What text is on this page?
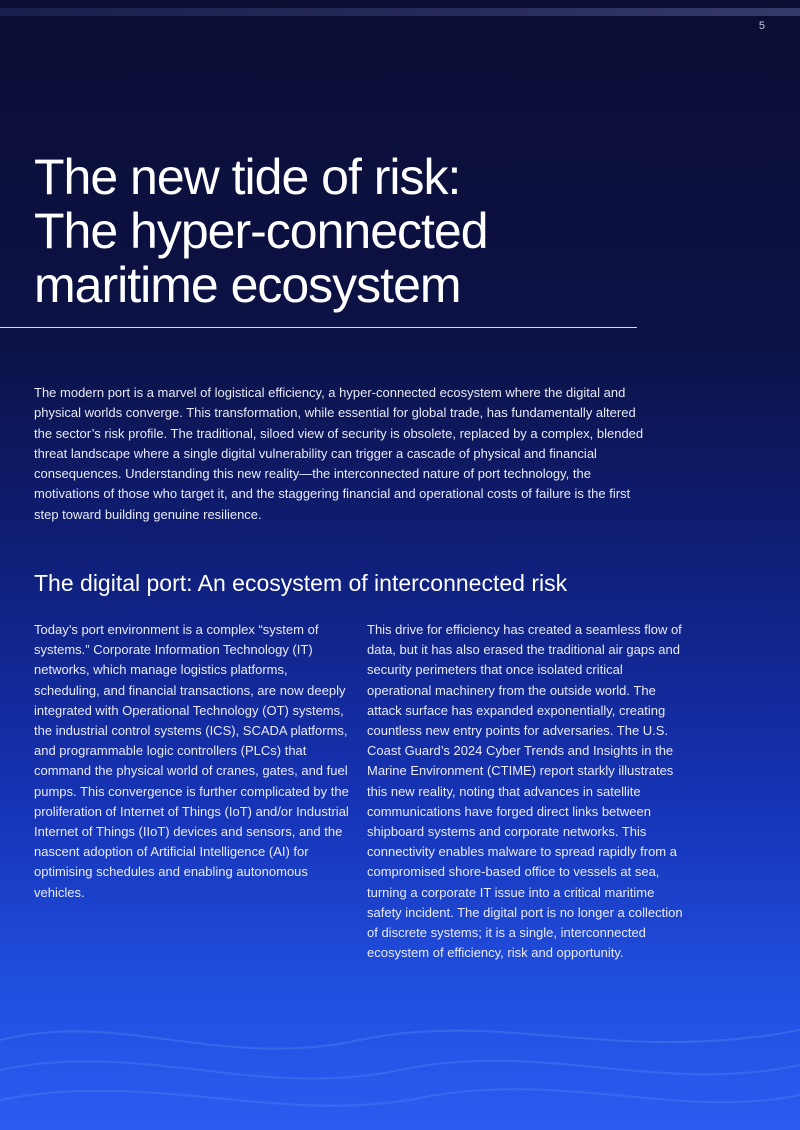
5
The new tide of risk:
The hyper-connected
maritime ecosystem

The modern port is a marvel of logistical efficiency, a hyper-connected ecosystem where the digital and physical worlds converge. This transformation, while essential for global trade, has fundamentally altered the sector’s risk profile. The traditional, siloed view of security is obsolete, replaced by a complex, blended threat landscape where a single digital vulnerability can trigger a cascade of physical and financial consequences. Understanding this new reality—the interconnected nature of port technology, the motivations of those who target it, and the staggering financial and operational costs of failure is the first step toward building genuine resilience.

The digital port: An ecosystem of interconnected risk

Today’s port environment is a complex “system of systems.” Corporate Information Technology (IT) networks, which manage logistics platforms, scheduling, and financial transactions, are now deeply integrated with Operational Technology (OT) systems, the industrial control systems (ICS), SCADA platforms, and programmable logic controllers (PLCs) that command the physical world of cranes, gates, and fuel pumps. This convergence is further complicated by the proliferation of Internet of Things (IoT) and/or Industrial Internet of Things (IIoT) devices and sensors, and the nascent adoption of Artificial Intelligence (AI) for optimising schedules and enabling autonomous vehicles.

This drive for efficiency has created a seamless flow of data, but it has also erased the traditional air gaps and security perimeters that once isolated critical operational machinery from the outside world. The attack surface has expanded exponentially, creating countless new entry points for adversaries. The U.S. Coast Guard’s 2024 Cyber Trends and Insights in the Marine Environment (CTIME) report starkly illustrates this new reality, noting that advances in satellite communications have forged direct links between shipboard systems and corporate networks. This connectivity enables malware to spread rapidly from a compromised shore-based office to vessels at sea, turning a corporate IT issue into a critical maritime safety incident. The digital port is no longer a collection of discrete systems; it is a single, interconnected ecosystem of efficiency, risk and opportunity.
